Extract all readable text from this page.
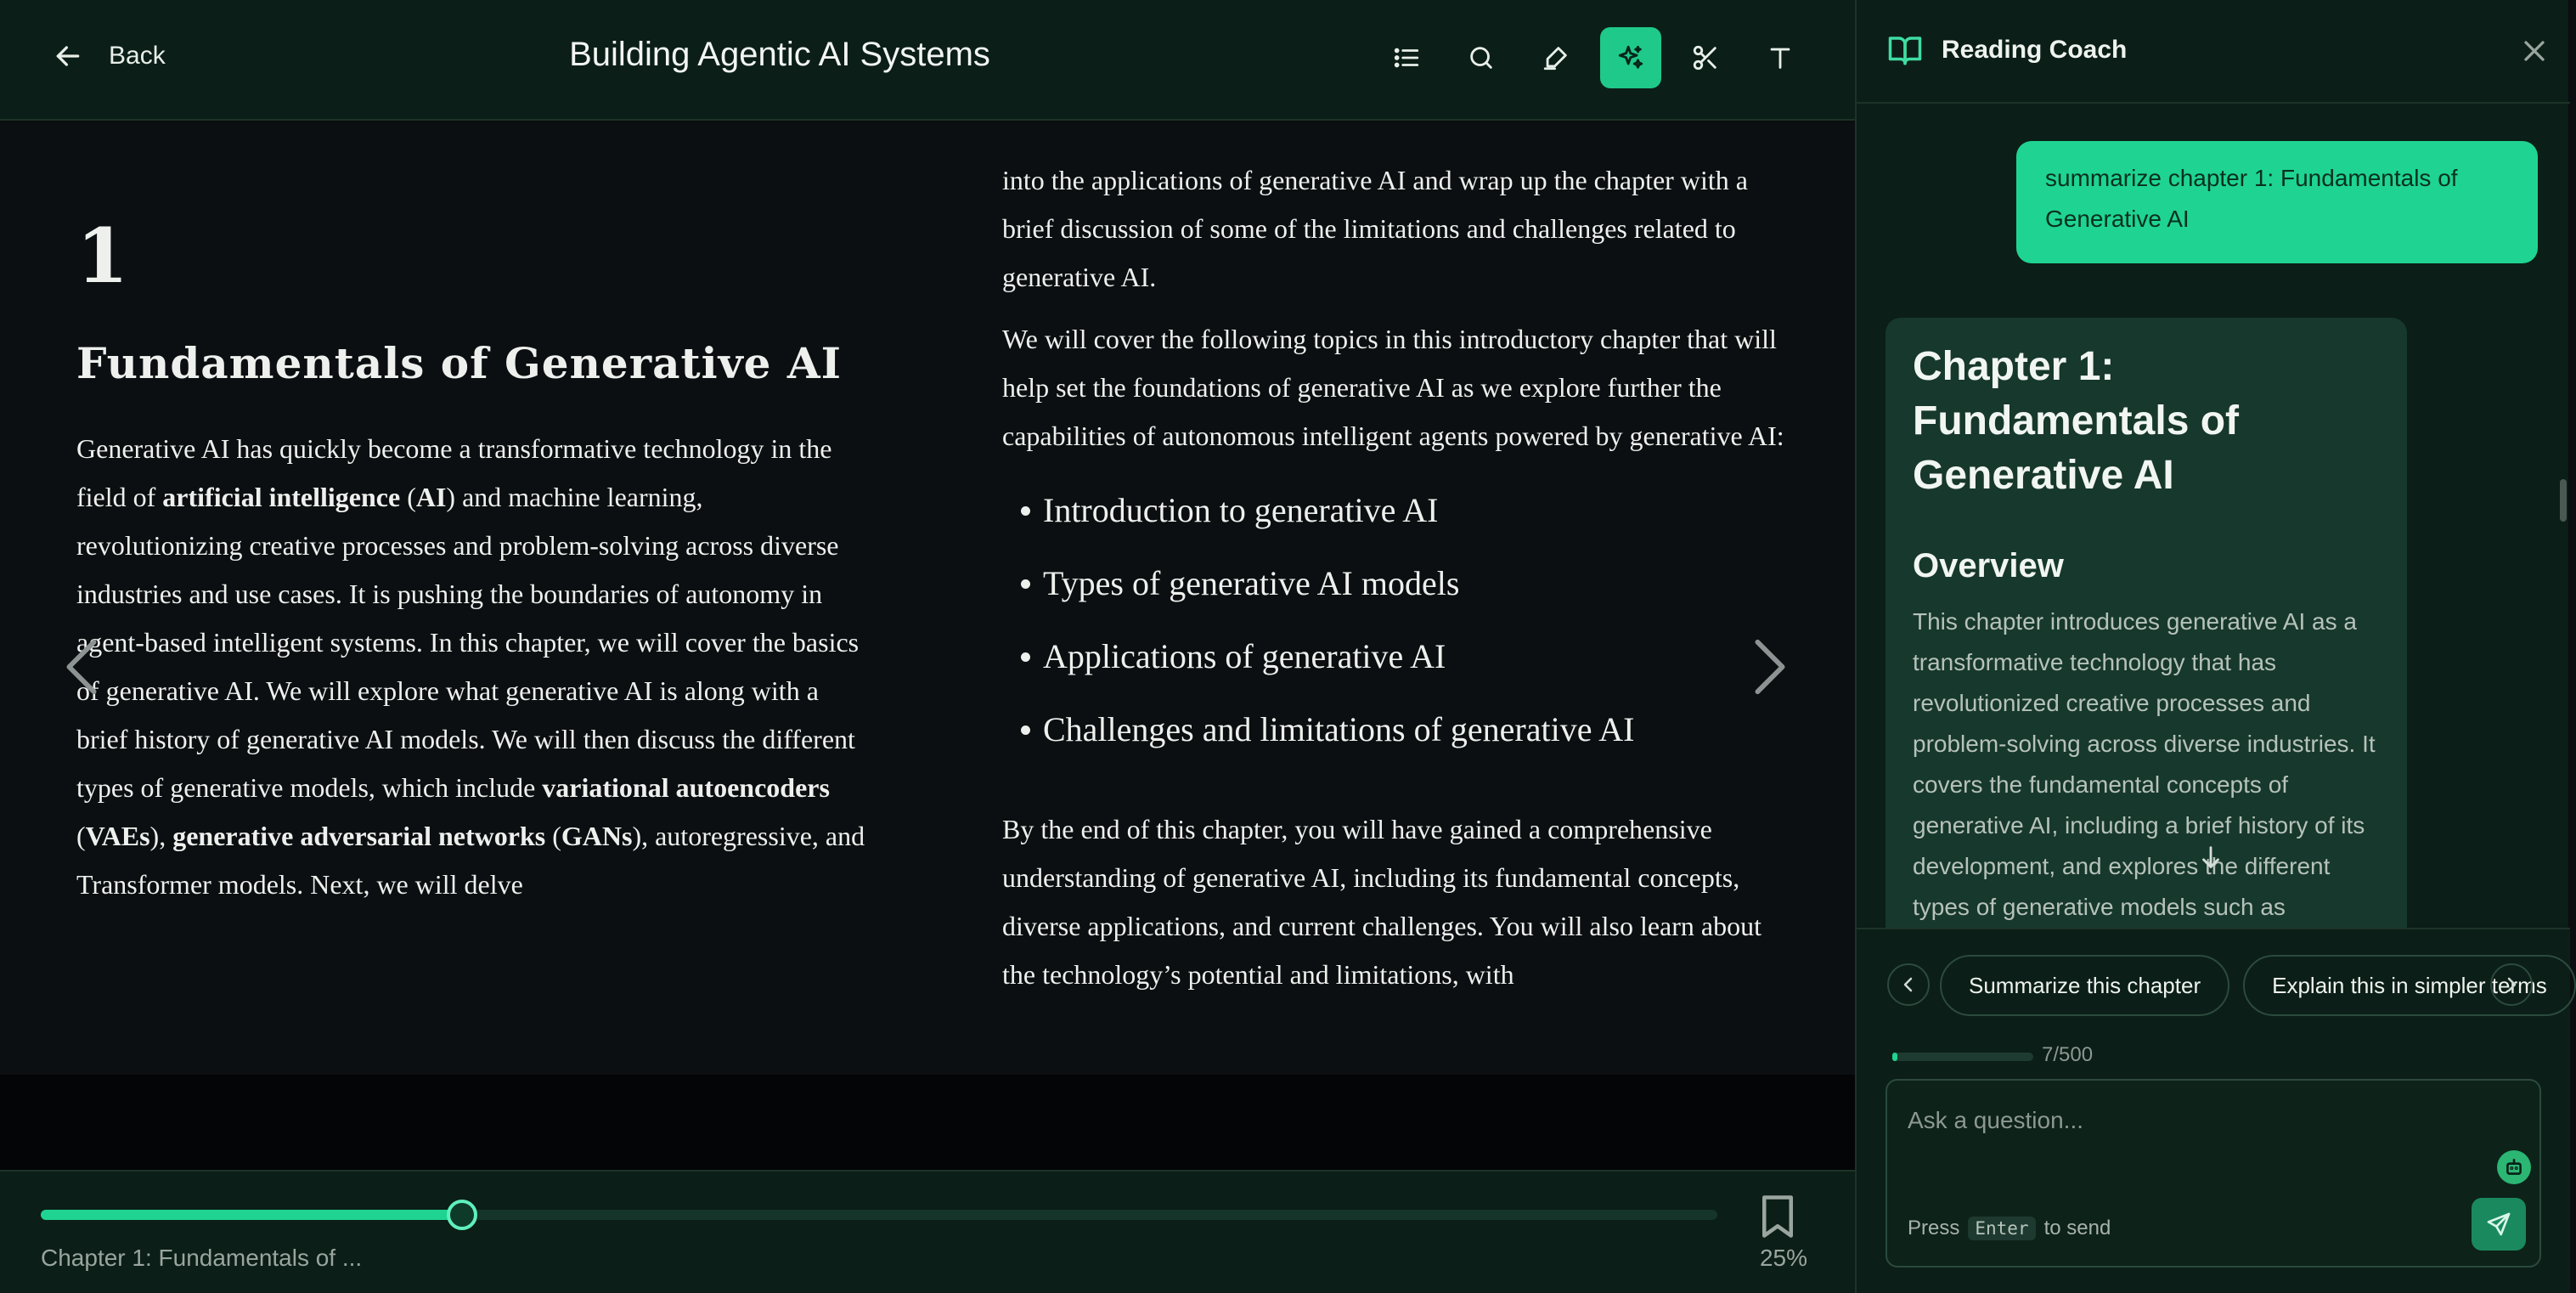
Back	Building Agentic AI Systems
1
Fundamentals of Generative AI

Generative AI has quickly become a transformative technology in the field of artificial intelligence (AI) and machine learning, revolutionizing creative processes and problem-solving across diverse industries and use cases. It is pushing the boundaries of autonomy in agent-based intelligent systems. In this chapter, we will cover the basics of generative AI. We will explore what generative AI is along with a brief history of generative AI models. We will then discuss the different types of generative models, which include variational autoencoders (VAEs), generative adversarial networks (GANs), autoregressive, and Transformer models. Next, we will delve

into the applications of generative AI and wrap up the chapter with a brief discussion of some of the limitations and challenges related to generative AI.

We will cover the following topics in this introductory chapter that will help set the foundations of generative AI as we explore further the capabilities of autonomous intelligent agents powered by generative AI:

Introduction to generative AI
Types of generative AI models
Applications of generative AI
Challenges and limitations of generative AI

By the end of this chapter, you will have gained a comprehensive understanding of generative AI, including its fundamental concepts, diverse applications, and current challenges. You will also learn about the technology’s potential and limitations, with

Chapter 1: Fundamentals of ...	25%
Reading Coach
summarize chapter 1: Fundamentals of Generative AI
Chapter 1: Fundamentals of Generative AI
Overview
This chapter introduces generative AI as a transformative technology that has revolutionized creative processes and problem-solving across diverse industries. It covers the fundamental concepts of generative AI, including a brief history of its development, and explores the different types of generative models such as
Summarize this chapter	Explain this in simpler terms
7/500
Ask a question...
Press Enter to send
